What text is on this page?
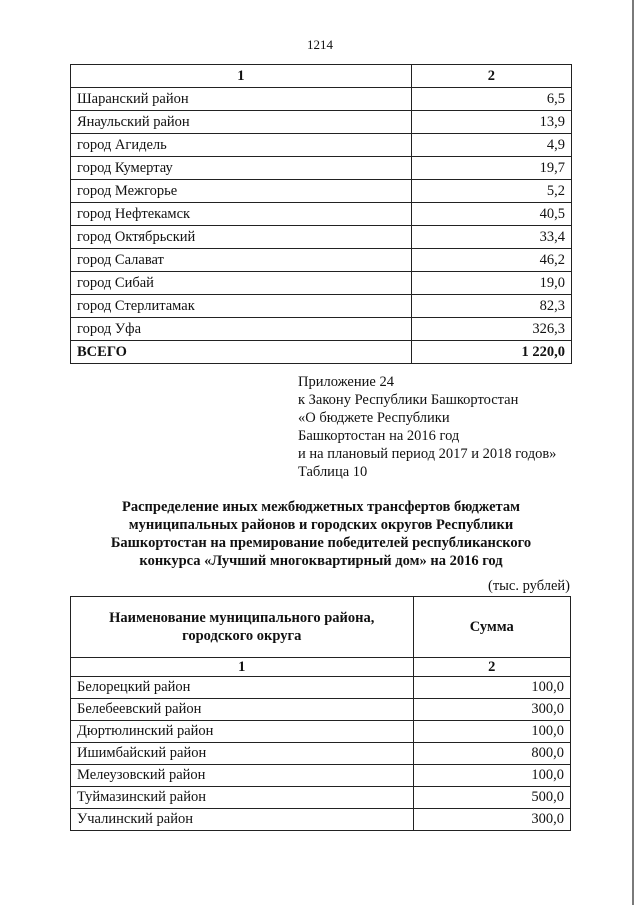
1214
1	2
Шаранский район	6,5
Янаульский район	13,9
город Агидель	4,9
город Кумертау	19,7
город Межгорье	5,2
город Нефтекамск	40,5
город Октябрьский	33,4
город Салават	46,2
город Сибай	19,0
город Стерлитамак	82,3
город Уфа	326,3
ВСЕГО	1 220,0
Приложение 24
к Закону Республики Башкортостан
«О бюджете Республики
Башкортостан на 2016 год
и на плановый период 2017 и 2018 годов»
Таблица 10
Распределение иных межбюджетных трансфертов бюджетам
муниципальных районов и городских округов Республики
Башкортостан на премирование победителей республиканского
конкурса «Лучший многоквартирный дом» на 2016 год
(тыс. рублей)
Наименование муниципального района, городского округа	Сумма
1	2
Белорецкий район	100,0
Белебеевский район	300,0
Дюртюлинский район	100,0
Ишимбайский район	800,0
Мелеузовский район	100,0
Туймазинский район	500,0
Учалинский район	300,0
